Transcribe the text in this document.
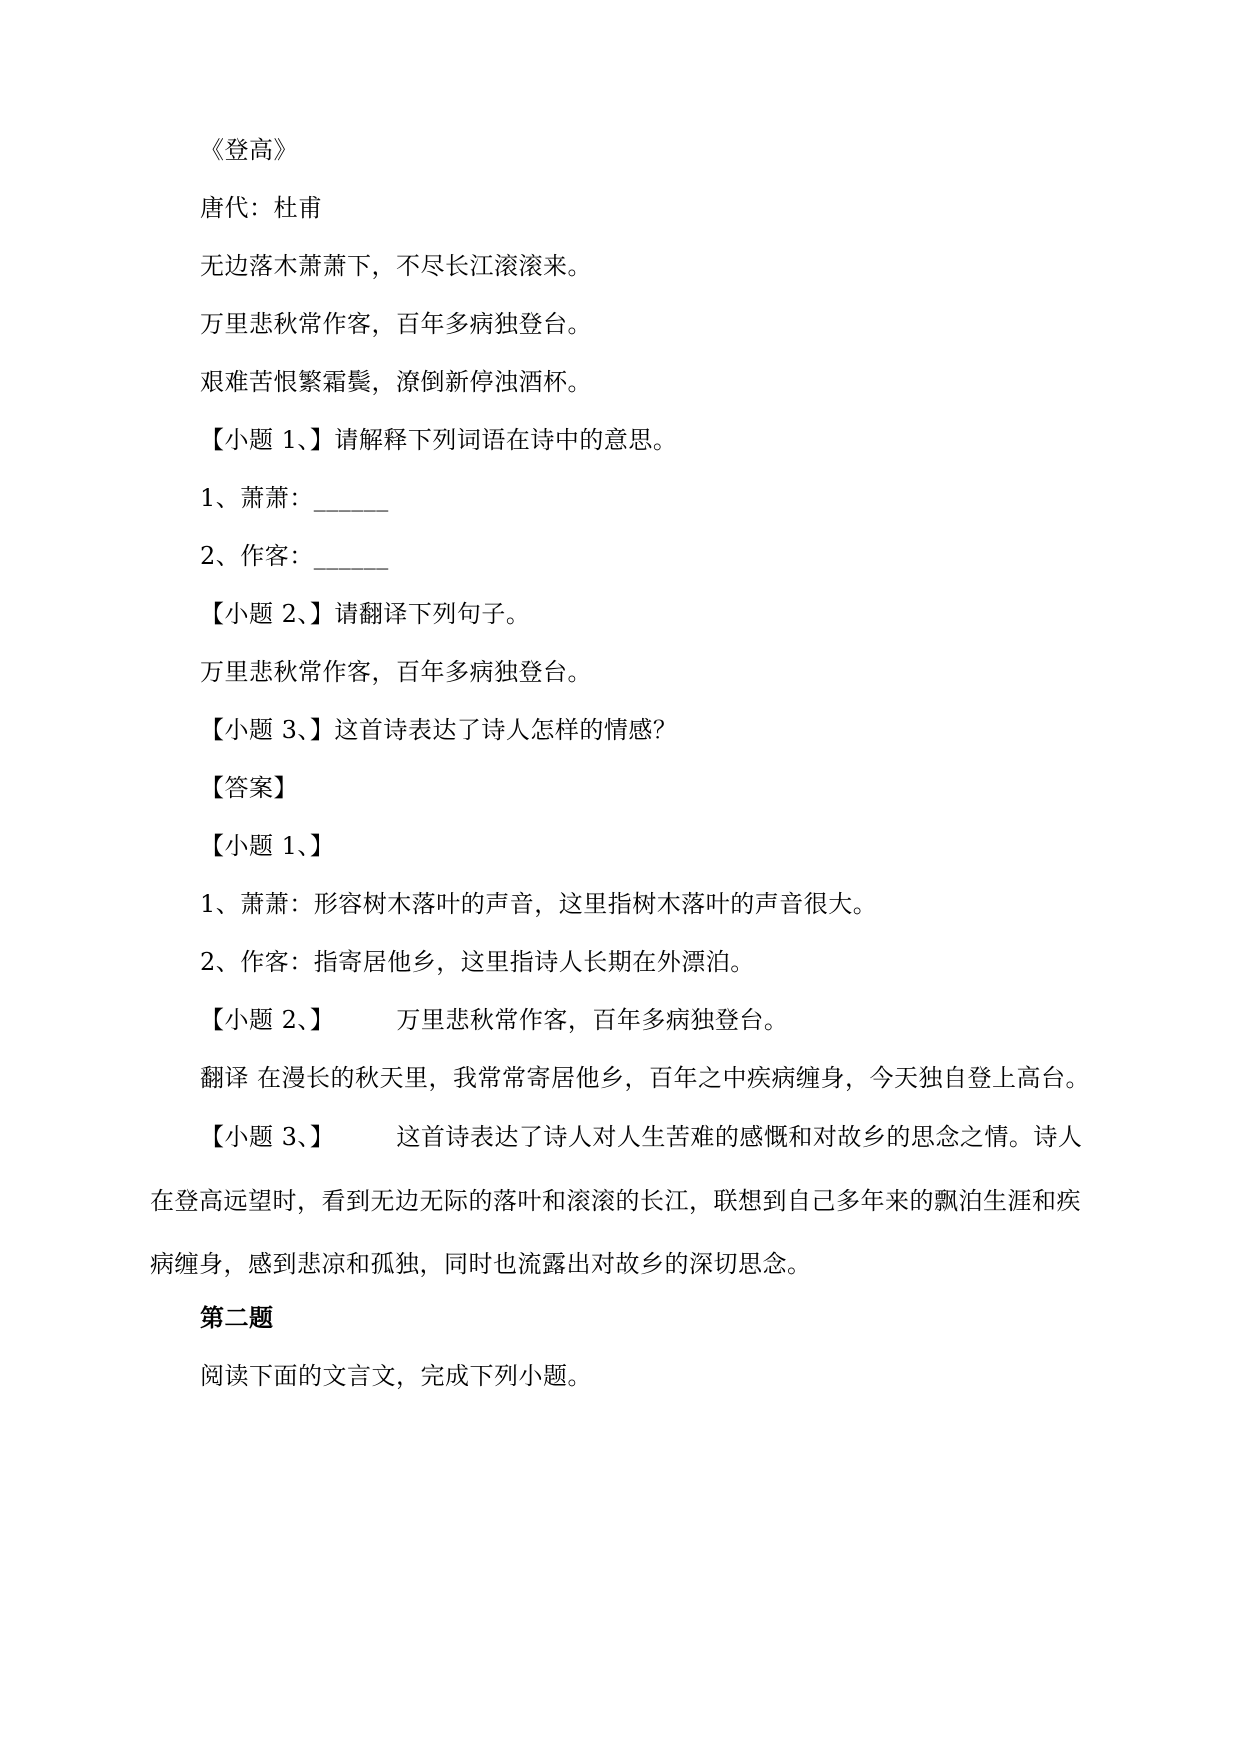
《登高》
唐代：杜甫
无边落木萧萧下，不尽长江滚滚来。
万里悲秋常作客，百年多病独登台。
艰难苦恨繁霜鬓，潦倒新停浊酒杯。
【小题 1、】请解释下列词语在诗中的意思。
1、萧萧：______
2、作客：______
【小题 2、】请翻译下列句子。
万里悲秋常作客，百年多病独登台。
【小题 3、】这首诗表达了诗人怎样的情感？
【答案】
【小题 1、】
1、萧萧：形容树木落叶的声音，这里指树木落叶的声音很大。
2、作客：指寄居他乡，这里指诗人长期在外漂泊。
【小题 2、】	万里悲秋常作客，百年多病独登台。
翻译 在漫长的秋天里，我常常寄居他乡，百年之中疾病缠身，今天独自登上高台。
【小题 3、】	这首诗表达了诗人对人生苦难的感慨和对故乡的思念之情。诗人在登高远望时，看到无边无际的落叶和滚滚的长江，联想到自己多年来的飘泊生涯和疾病缠身，感到悲凉和孤独，同时也流露出对故乡的深切思念。
第二题
阅读下面的文言文，完成下列小题。
